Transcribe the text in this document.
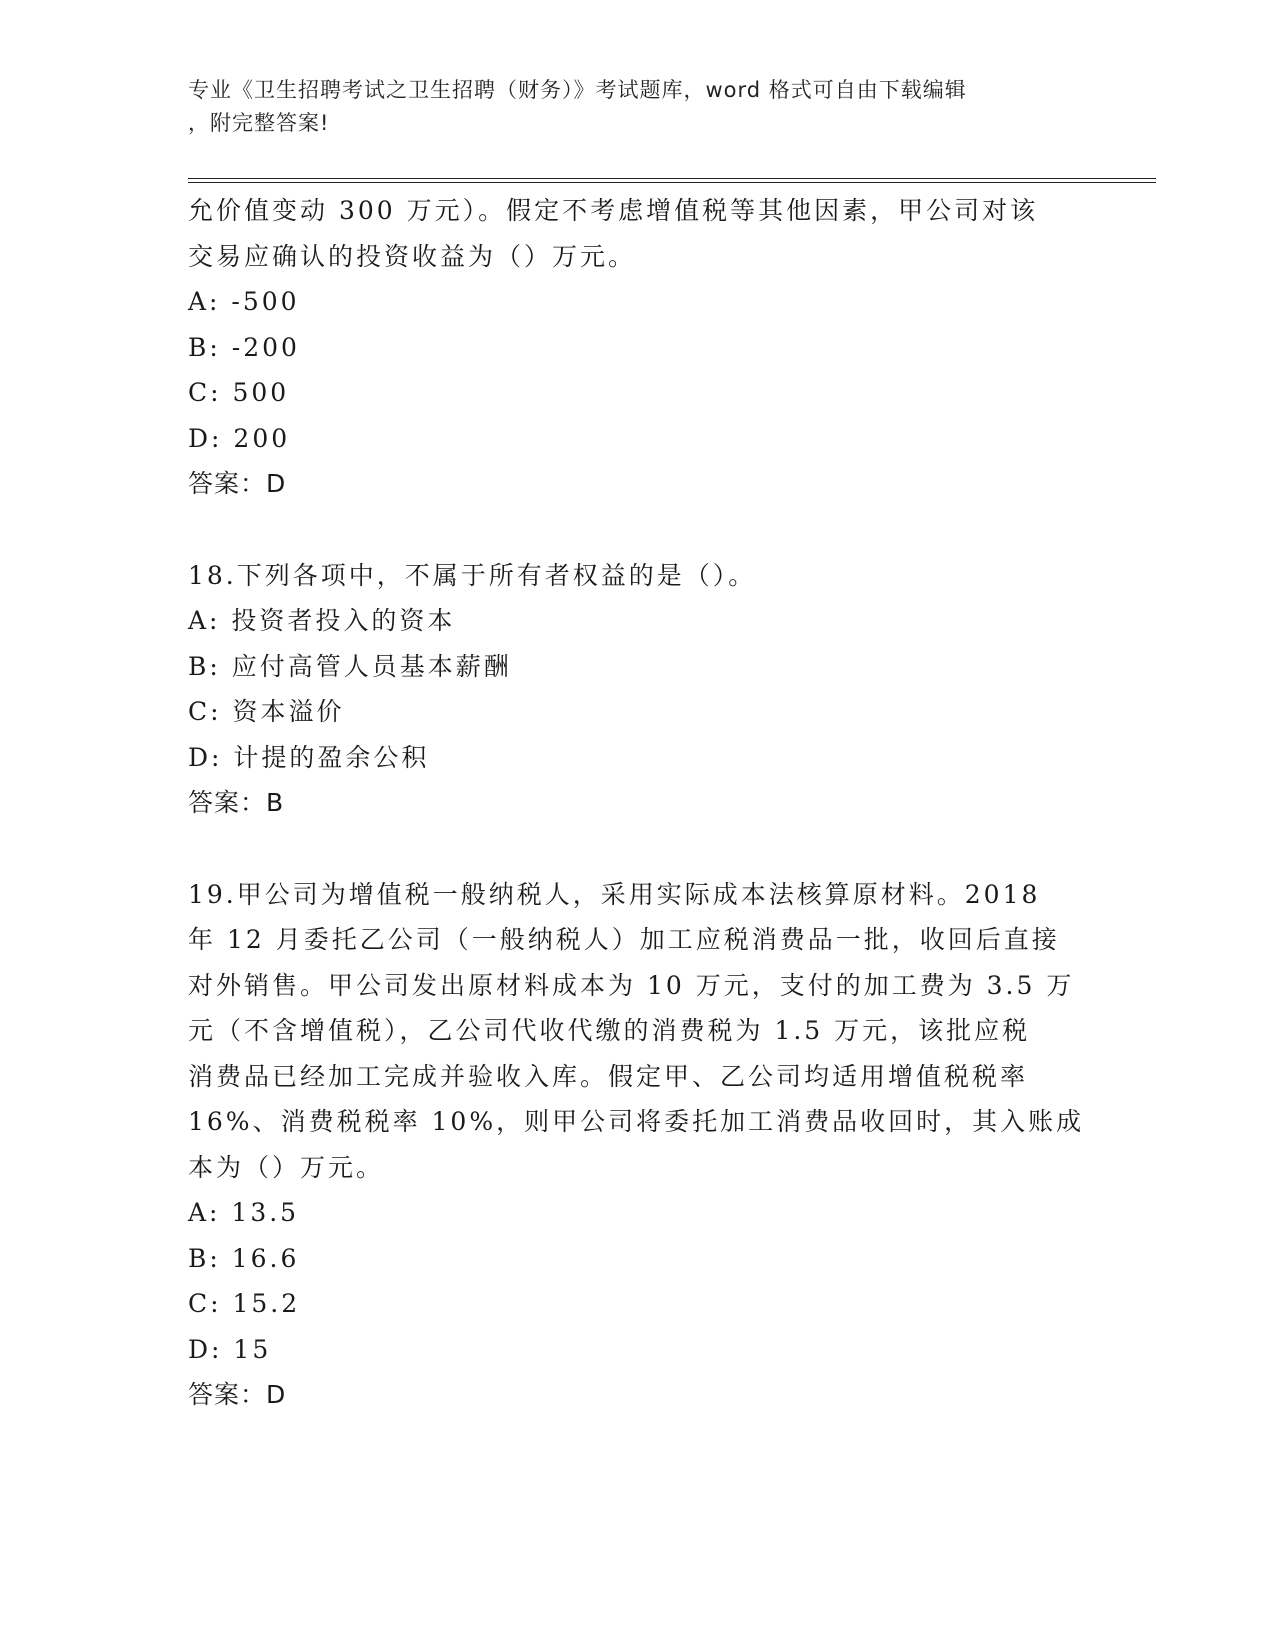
专业《卫生招聘考试之卫生招聘（财务）》考试题库，word 格式可自由下载编辑
，附完整答案!
允价值变动 300 万元）。假定不考虑增值税等其他因素，甲公司对该
交易应确认的投资收益为（）万元。
A: -500
B: -200
C: 500
D: 200
答案：D
18.下列各项中，不属于所有者权益的是（）。
A: 投资者投入的资本
B: 应付高管人员基本薪酬
C: 资本溢价
D: 计提的盈余公积
答案：B
19.甲公司为增值税一般纳税人，采用实际成本法核算原材料。2018
年 12 月委托乙公司（一般纳税人）加工应税消费品一批，收回后直接
对外销售。甲公司发出原材料成本为 10 万元，支付的加工费为 3.5 万
元（不含增值税），乙公司代收代缴的消费税为 1.5 万元，该批应税
消费品已经加工完成并验收入库。假定甲、乙公司均适用增值税税率
16%、消费税税率 10%，则甲公司将委托加工消费品收回时，其入账成
本为（）万元。
A: 13.5
B: 16.6
C: 15.2
D: 15
答案：D
